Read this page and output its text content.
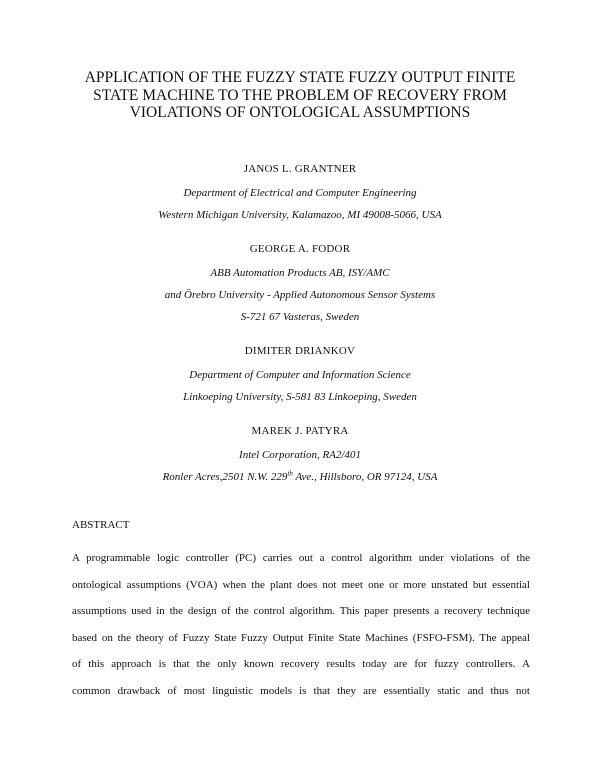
APPLICATION OF THE FUZZY STATE FUZZY OUTPUT FINITE
STATE MACHINE TO THE PROBLEM OF RECOVERY FROM
VIOLATIONS OF ONTOLOGICAL ASSUMPTIONS
JANOS L. GRANTNER
Department of Electrical and Computer Engineering
Western Michigan University, Kalamazoo, MI 49008-5066, USA
GEORGE A. FODOR
ABB Automation Products AB, ISY/AMC
and Örebro University - Applied Autonomous Sensor Systems
S-721 67 Vasteras, Sweden
DIMITER DRIANKOV
Department of Computer and Information Science
Linkoeping University, S-581 83 Linkoeping, Sweden
MAREK J. PATYRA
Intel Corporation, RA2/401
Ronler Acres,2501 N.W. 229th Ave., Hillsboro, OR 97124, USA
ABSTRACT
A programmable logic controller (PC) carries out a control algorithm under violations of the
ontological assumptions (VOA) when the plant does not meet one or more unstated but essential
assumptions used in the design of the control algorithm. This paper presents a recovery technique
based on the theory of Fuzzy State Fuzzy Output Finite State Machines (FSFO-FSM). The appeal
of this approach is that the only known recovery results today are for fuzzy controllers. A
common drawback of most linguistic models is that they are essentially static and thus not
